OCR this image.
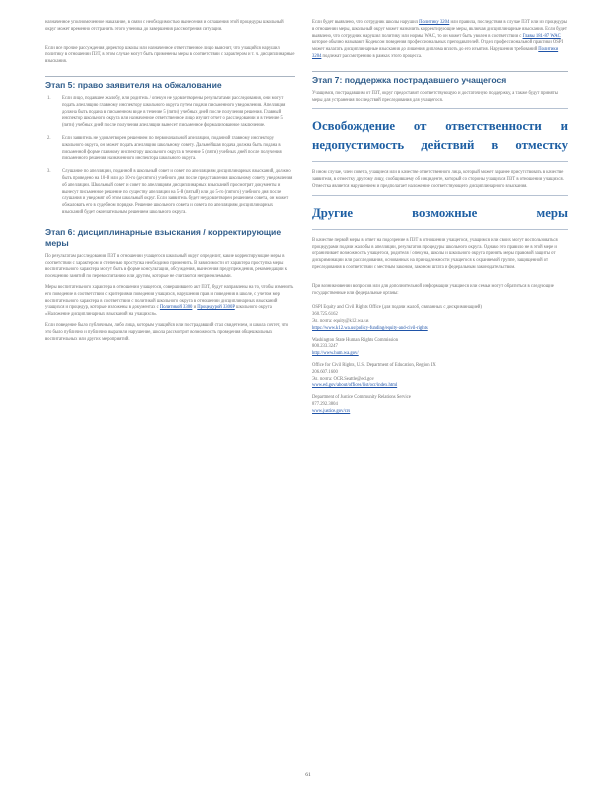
назначенное уполномоченное наказание, в связи с необходимостью вынесения и оглашения этой процедуры школьный округ может временно отстранить этого ученика до завершения рассмотрения ситуации.

Если все прочие рассуждения директор школы или назначенное ответственное лицо выяснит, что учащийся нарушил политику в отношении ПЗТ, в этом случае могут быть применены меры в соответствии с характером и т. ч. дисциплинарные взыскания.

Этап 5: право заявителя на обжалование
1. Если лицо, подавшее жалобу, или родитель / опекун не удовлетворены результатами расследования, они могут подать апелляцию главному инспектору школьного округа путем подачи письменного уведомления. Апелляция должна быть подана в письменном виде в течение 5 (пяти) учебных дней после получения решения. Главный инспектор школьного округа или назначенное ответственное лицо изучит отчет о расследовании и в течение 5 (пяти) учебных дней после получения апелляции вынесет письменное формализованное заключение.

2. Если заявитель не удовлетворен решением по первоначальной апелляции, поданной главному инспектору школьного округа, он может подать апелляцию школьному совету. Дальнейшая подача должна быть подана в письменной форме главному инспектору школьного округа в течение 5 (пяти) учебных дней после получения письменного решения назначенного инспектора школьного округа.

3. Слушание по апелляции, поданной в школьный совет и совет по апелляциям дисциплинарных взысканий, должно быть проведено на 10-й или до 10-го (десятого) учебного дня после представления школьному совету уведомления об апелляции. Школьный совет и совет по апелляциям дисциплинарных взысканий просмотрят документы и вынесут письменное решение по существу апелляции на 5-й (пятый) или до 5-го (пятого) учебного дня после слушания и уведомят об этом школьный округ. Если заявитель будет неудовлетворен решением совета, он может обжаловать его в судебном порядке. Решение школьного совета и совета по апелляциям дисциплинарных взысканий будет окончательным решением школьного округа.

Этап 6: дисциплинарные взыскания / корректирующие меры

По результатам расследования ПЗТ в отношении учащегося школьный округ определит, какие корректирующие меры в соответствии с характером и степенью проступка необходимо применить. В зависимости от характера проступка меры воспитательного характера могут быть в форме консультации, обсуждения, вынесения предупреждения, рекомендации к посещению занятий по перевоспитанию или другим, которые не считаются неприемлемыми.

Меры воспитательного характера в отношении учащегося, совершившего акт ПЗТ, будут направлены на то, чтобы изменить его поведение в соответствии с критериями поведения учащихся, нарушения прав и поведения в школе, с учетом мер воспитательного характера в соответствии с политикой школьного округа в отношении дисциплинарных взысканий учащихся и процедур, которые изложены в документах с Политикой 3300 и Процедурой 3300P школьного округа «Наложение дисциплинарных взысканий на учащихся».

Если поведение было публичным, либо лица, которым учащийся или пострадавший стал свидетелем, и школа сочтет, что это было публично и публично выразили нарушение, школа рассмотрит возможность проведения общешкольных воспитательных или других мероприятий.

Если будет выявлено, что сотрудник школы нарушил Политику 3204 или правила, последствия в случае ПЗТ или из процедуры в отношении меры, школьный округ может назначить корректирующие меры, включая дисциплинарные взыскания. Если будет выявлено, что сотрудник нарушил политику или нормы WAC, то он может быть уволен в соответствии с Главы 181-87 WAC которое обычно называют Кодексом поведения профессиональных преподавателей. Отдел профессиональной практики OSPI может налагать дисциплинарные взыскания до лишения диплома вплоть до его изъятия. Нарушения требований Политики 3204 подлежат рассмотрению в рамках этого процесса.

Этап 7: поддержка пострадавшего учащегося

Учащимся, пострадавшим от ПЗТ, округ предоставит соответствующую и достаточную поддержку, а также будут приняты меры для устранения последствий преследования для учащегося.

Освобождение от ответственности и недопустимость действий в отместку

В ином случае, член совета, учащиеся или в качестве ответственного лица, который может заранее присутствовать в качестве заявителя, в отместку другому лицу, сообщившему об инциденте, который со стороны учащихся ПЗТ в отношении учащихся. Отместка является нарушением и предполагает наложение соответствующего дисциплинарного взыскания.

Другие возможные меры

В качестве первой меры в ответ на подозрение в ПЗТ в отношении учащегося, учащимся или своих могут воспользоваться процедурами подачи жалобы в апелляции, результатов процедуры школьного округа. Однако это правило не в этой мере и ограничивает возможность учащегося, родителя / опекуна, школы и школьного округа принять меры правовой защиты от дискриминации или расследования, основанных на принадлежности учащегося к охраняемой группе, защищенной от преследования в соответствии с местным законом, законом штата и федеральным законодательством.

При возникновении вопросов или для дополнительной информации учащиеся или семьи могут обратиться в следующие государственные или федеральные органы:

OSPI Equity and Civil Rights Office (для подачи жалоб, связанных с дискриминацией)

360.725.6162

Эл. почта: equity@k12.wa.us

https://www.k12.wa.us/policy-funding/equity-and-civil-rights

Washington State Human Rights Commission

800.233.3247

http://www.hum.wa.gov/

Office for Civil Rights, U.S. Department of Education, Region IX

206.607.1600

Эл. почта: OCR.Seattle@ed.gov

www.ed.gov/about/offices/list/ocr/index.html

Department of Justice Community Relations Service

877.292.3804

www.justice.gov/crs

61
